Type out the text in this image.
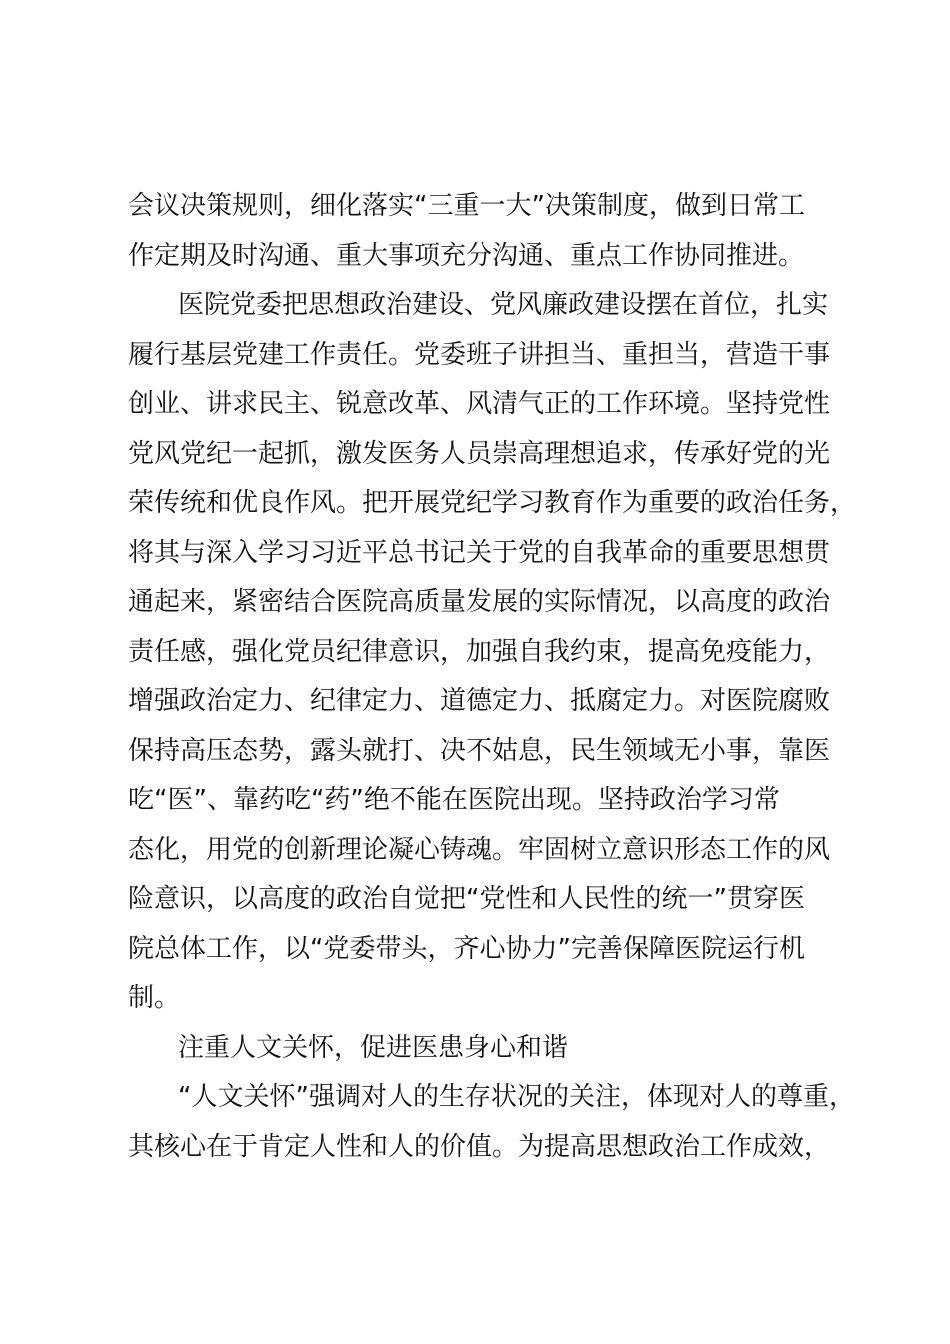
会议决策规则，细化落实“三重一大”决策制度，做到日常工
作定期及时沟通、重大事项充分沟通、重点工作协同推进。
医院党委把思想政治建设、党风廉政建设摆在首位，扎实
履行基层党建工作责任。党委班子讲担当、重担当，营造干事
创业、讲求民主、锐意改革、风清气正的工作环境。坚持党性
党风党纪一起抓，激发医务人员崇高理想追求，传承好党的光
荣传统和优良作风。把开展党纪学习教育作为重要的政治任务，
将其与深入学习习近平总书记关于党的自我革命的重要思想贯
通起来，紧密结合医院高质量发展的实际情况，以高度的政治
责任感，强化党员纪律意识，加强自我约束，提高免疫能力，
增强政治定力、纪律定力、道德定力、抵腐定力。对医院腐败
保持高压态势，露头就打、决不姑息，民生领域无小事，靠医
吃“医”、靠药吃“药”绝不能在医院出现。坚持政治学习常
态化，用党的创新理论凝心铸魂。牢固树立意识形态工作的风
险意识，以高度的政治自觉把“党性和人民性的统一”贯穿医
院总体工作，以“党委带头，齐心协力”完善保障医院运行机
制。
注重人文关怀，促进医患身心和谐
“人文关怀”强调对人的生存状况的关注，体现对人的尊重，
其核心在于肯定人性和人的价值。为提高思想政治工作成效，
